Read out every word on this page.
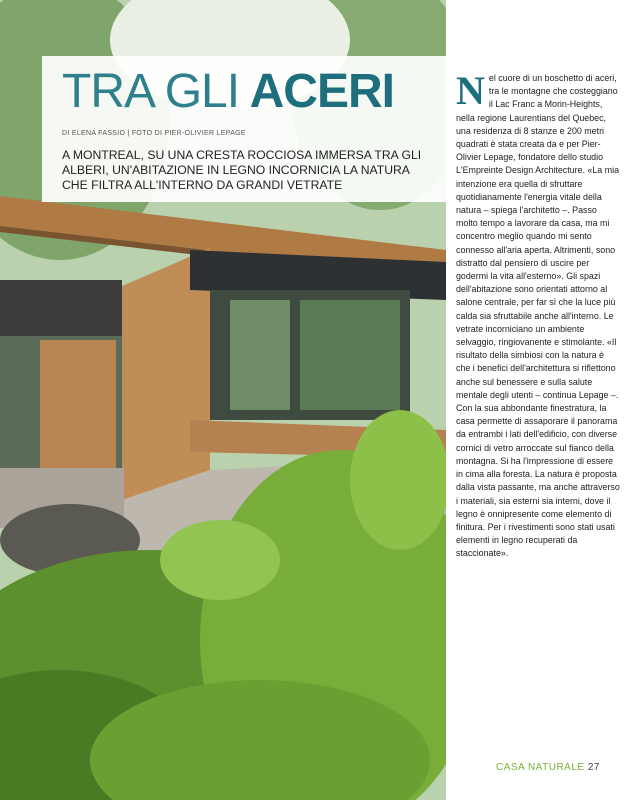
TRA GLI ACERI

DI ELENA FASSIO | FOTO DI PIER-OLIVIER LEPAGE

A MONTREAL, SU UNA CRESTA ROCCIOSA IMMERSA TRA GLI ALBERI, UN'ABITAZIONE IN LEGNO INCORNICIA LA NATURA CHE FILTRA ALL'INTERNO DA GRANDI VETRATE

Nel cuore di un boschetto di aceri, tra le montagne che costeggiano il Lac Franc a Morin-Heights, nella regione Laurentians del Quebec, una residenza di 8 stanze e 200 metri quadrati è stata creata da e per Pier-Olivier Lepage, fondatore dello studio L'Empreinte Design Architecture. «La mia intenzione era quella di sfruttare quotidianamente l'energia vitale della natura – spiega l'architetto –. Passo molto tempo a lavorare da casa, ma mi concentro meglio quando mi sento connesso all'aria aperta. Altrimenti, sono distratto dal pensiero di uscire per godermi la vita all'esterno». Gli spazi dell'abitazione sono orientati attorno al salone centrale, per far sì che la luce più calda sia sfruttabile anche all'interno. Le vetrate incorniciano un ambiente selvaggio, ringiovanente e stimolante. «Il risultato della simbiosi con la natura è che i benefici dell'architettura si riflettono anche sul benessere e sulla salute mentale degli utenti – continua Lepage –. Con la sua abbondante finestratura, la casa permette di assaporare il panorama da entrambi i lati dell'edificio, con diverse cornici di vetro arroccate sul fianco della montagna. Si ha l'impressione di essere in cima alla foresta. La natura è proposta dalla vista passante, ma anche attraverso i materiali, sia esterni sia interni, dove il legno è onnipresente come elemento di finitura. Per i rivestimenti sono stati usati elementi in legno recuperati da staccionate».

CASA NATURALE 27
